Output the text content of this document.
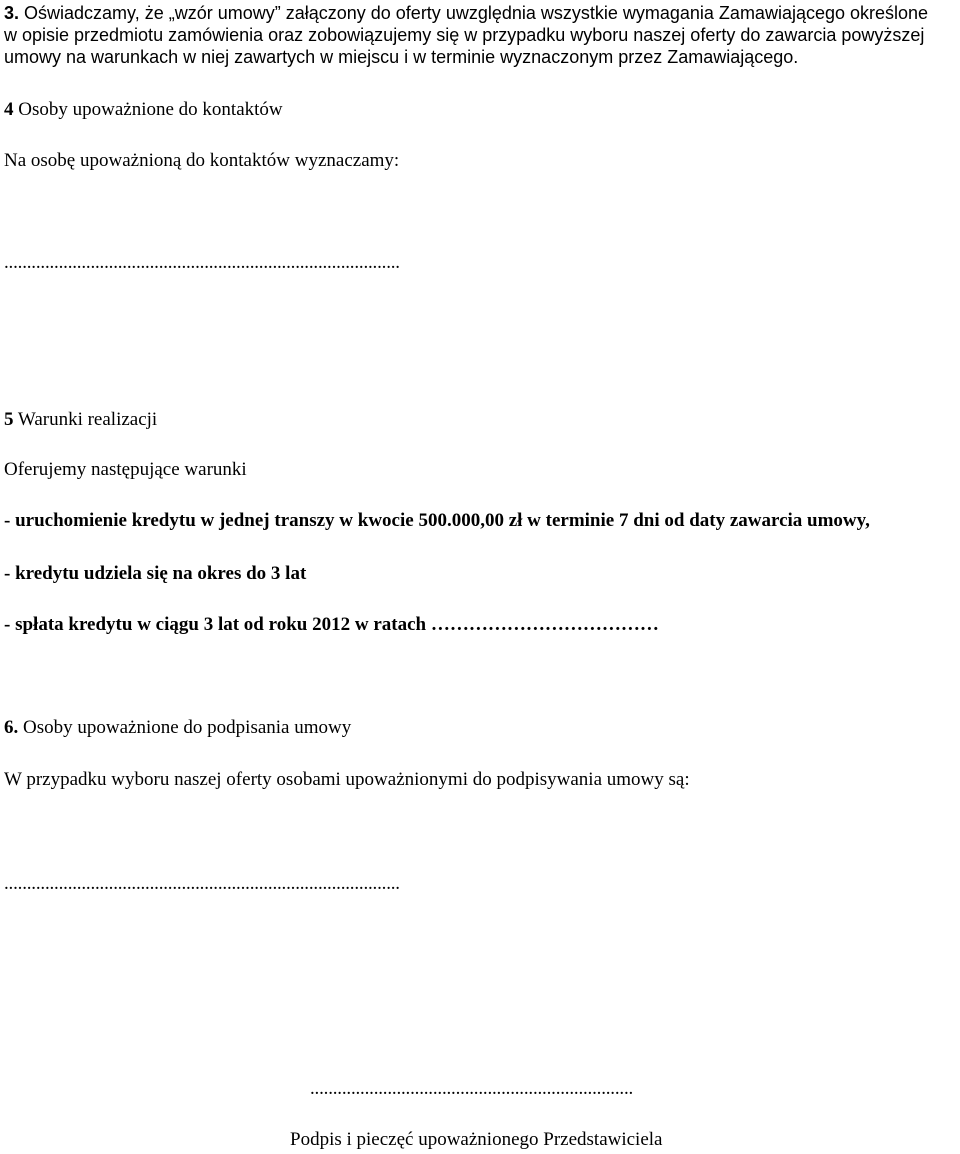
3. Oświadczamy, że „wzór umowy” załączony do oferty uwzględnia wszystkie wymagania Zamawiającego określone
w opisie przedmiotu zamówienia oraz zobowiązujemy się w przypadku wyboru naszej oferty do zawarcia powyższej
umowy na warunkach w niej zawartych w miejscu i w terminie wyznaczonym przez Zamawiającego.
4 Osoby upoważnione do kontaktów
Na osobę upoważnioną do kontaktów wyznaczamy:
.......................................................................................
5 Warunki realizacji
Oferujemy następujące warunki
- uruchomienie kredytu w jednej transzy w kwocie 500.000,00 zł w terminie 7 dni od daty zawarcia umowy,
- kredytu udziela się na okres do 3 lat
- spłata kredytu w ciągu 3 lat od roku 2012 w ratach ………………………………
6. Osoby upoważnione do podpisania umowy
W przypadku wyboru naszej oferty osobami upoważnionymi do podpisywania umowy są:
.......................................................................................
.......................................................................
Podpis i pieczęć upoważnionego Przedstawiciela
